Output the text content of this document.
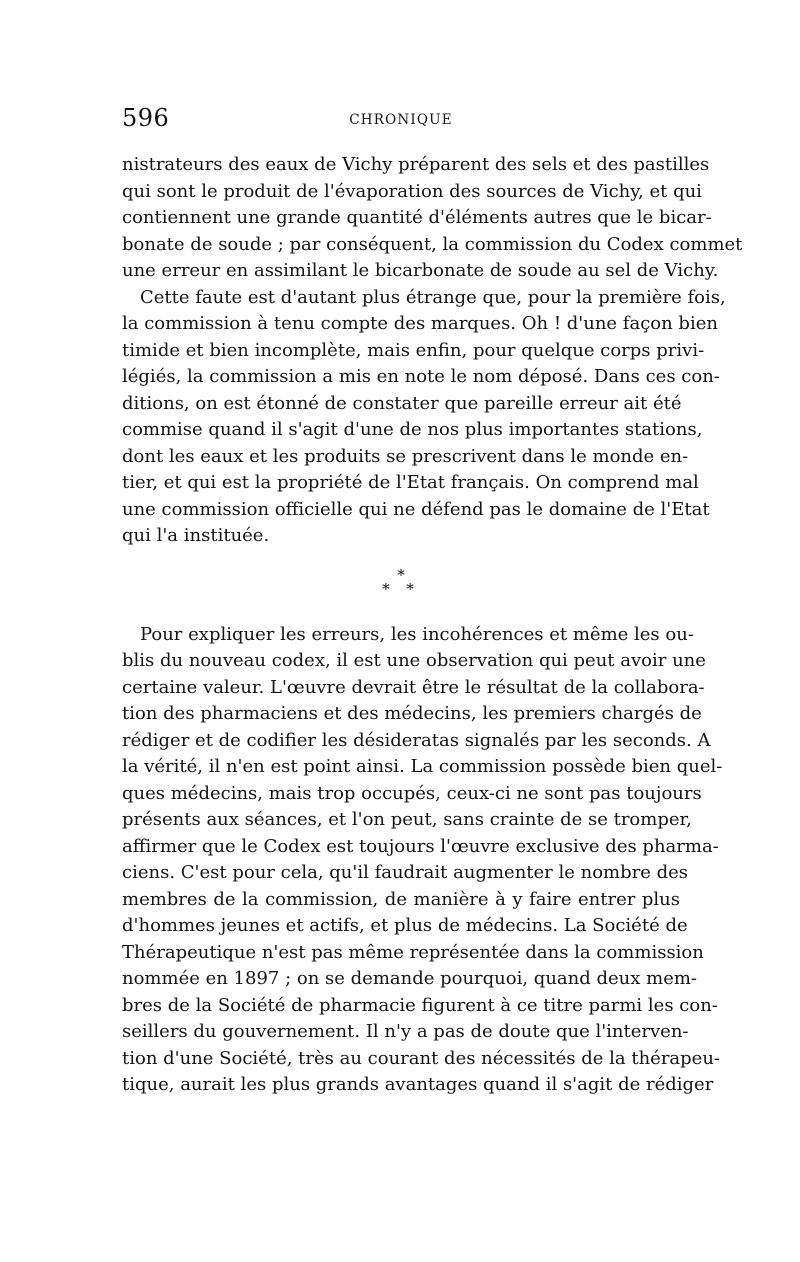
596	CHRONIQUE

nistrateurs des eaux de Vichy préparent des sels et des pastilles
qui sont le produit de l'évaporation des sources de Vichy, et qui
contiennent une grande quantité d'éléments autres que le bicar-
bonate de soude ; par conséquent, la commission du Codex commet
une erreur en assimilant le bicarbonate de soude au sel de Vichy.

Cette faute est d'autant plus étrange que, pour la première fois,
la commission à tenu compte des marques. Oh ! d'une façon bien
timide et bien incomplète, mais enfin, pour quelque corps privi-
légiés, la commission a mis en note le nom déposé. Dans ces con-
ditions, on est étonné de constater que pareille erreur ait été
commise quand il s'agit d'une de nos plus importantes stations,
dont les eaux et les produits se prescrivent dans le monde en-
tier, et qui est la propriété de l'Etat français. On comprend mal
une commission officielle qui ne défend pas le domaine de l'Etat
qui l'a instituée.

*
* *

Pour expliquer les erreurs, les incohérences et même les ou-
blis du nouveau codex, il est une observation qui peut avoir une
certaine valeur. L'œuvre devrait être le résultat de la collabora-
tion des pharmaciens et des médecins, les premiers chargés de
rédiger et de codifier les désideratas signalés par les seconds. A
la vérité, il n'en est point ainsi. La commission possède bien quel-
ques médecins, mais trop occupés, ceux-ci ne sont pas toujours
présents aux séances, et l'on peut, sans crainte de se tromper,
affirmer que le Codex est toujours l'œuvre exclusive des pharma-
ciens. C'est pour cela, qu'il faudrait augmenter le nombre des
membres de la commission, de manière à y faire entrer plus
d'hommes jeunes et actifs, et plus de médecins. La Société de
Thérapeutique n'est pas même représentée dans la commission
nommée en 1897 ; on se demande pourquoi, quand deux mem-
bres de la Société de pharmacie figurent à ce titre parmi les con-
seillers du gouvernement. Il n'y a pas de doute que l'interven-
tion d'une Société, très au courant des nécessités de la thérapeu-
tique, aurait les plus grands avantages quand il s'agit de rédiger
